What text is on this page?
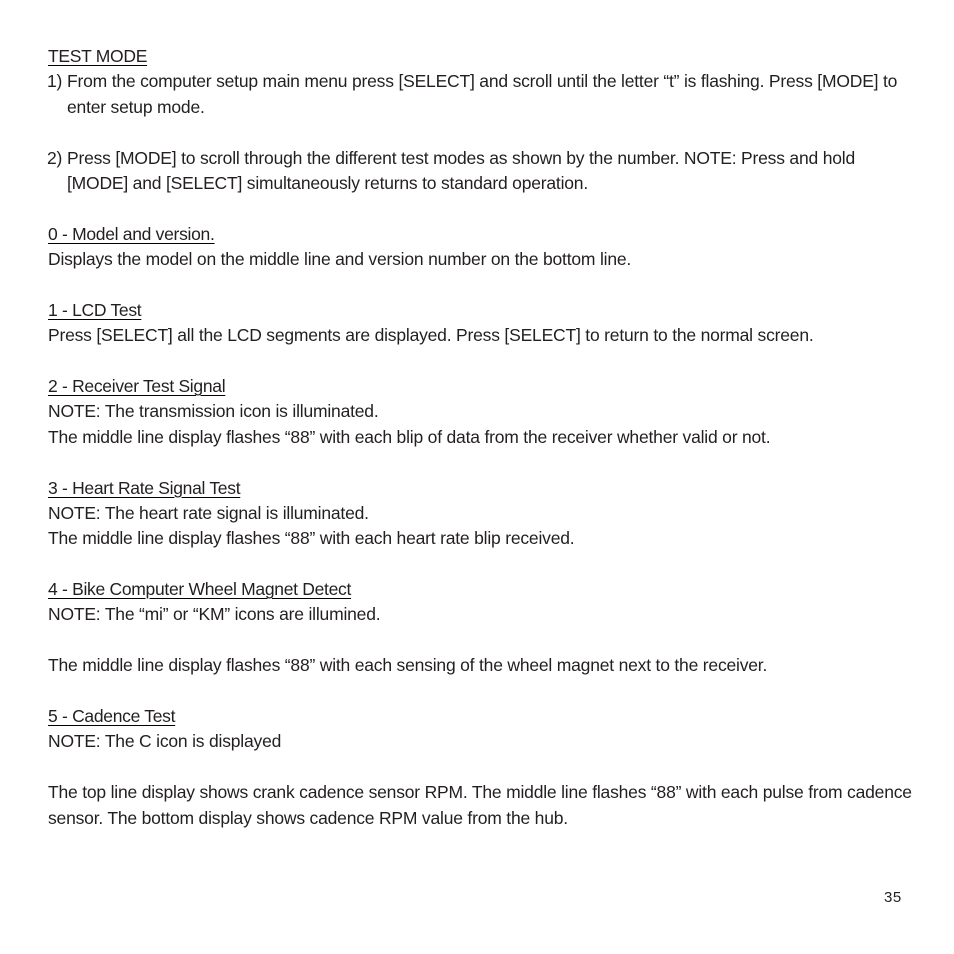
TEST MODE

1) From the computer setup main menu press [SELECT] and scroll until the letter “t” is flashing. Press [MODE] to enter setup mode.
2) Press [MODE] to scroll through the different test modes as shown by the number. NOTE: Press and hold [MODE] and [SELECT] simultaneously returns to standard operation.

0 - Model and version.

Displays the model on the middle line and version number on the bottom line.

1 - LCD Test

Press [SELECT] all the LCD segments are displayed. Press [SELECT] to return to the normal screen.

2 - Receiver Test Signal

NOTE: The transmission icon is illuminated.

The middle line display flashes “88” with each blip of data from the receiver whether valid or not.

3 - Heart Rate Signal Test

NOTE: The heart rate signal is illuminated.

The middle line display flashes “88” with each heart rate blip received.

4 - Bike Computer Wheel Magnet Detect

NOTE: The “mi” or “KM” icons are illumined.

The middle line display flashes “88” with each sensing of the wheel magnet next to the receiver.

5 - Cadence Test

NOTE: The C icon is displayed

The top line display shows crank cadence sensor RPM. The middle line flashes “88” with each pulse from cadence sensor. The bottom display shows cadence RPM value from the hub.

35
